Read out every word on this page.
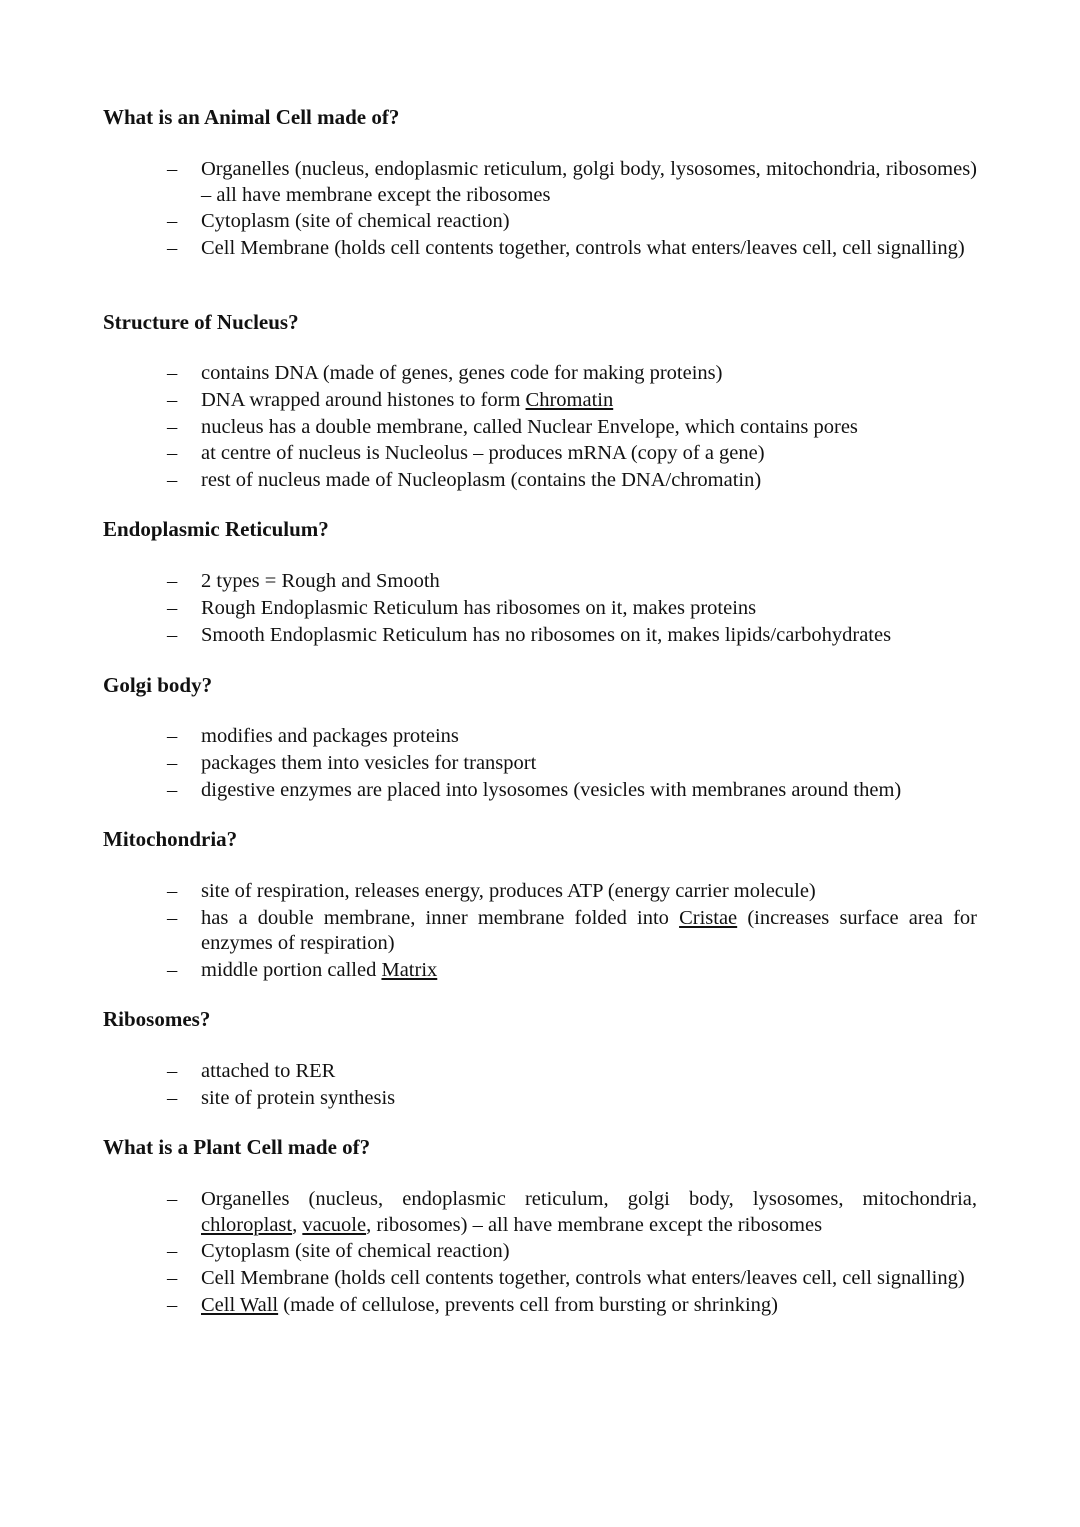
What is an Animal Cell made of?
– Organelles (nucleus, endoplasmic reticulum, golgi body, lysosomes, mitochondria, ribosomes) – all have membrane except the ribosomes
– Cytoplasm (site of chemical reaction)
– Cell Membrane (holds cell contents together, controls what enters/leaves cell, cell signalling)
Structure of Nucleus?
– contains DNA (made of genes, genes code for making proteins)
– DNA wrapped around histones to form Chromatin
– nucleus has a double membrane, called Nuclear Envelope, which contains pores
– at centre of nucleus is Nucleolus – produces mRNA (copy of a gene)
– rest of nucleus made of Nucleoplasm (contains the DNA/chromatin)
Endoplasmic Reticulum?
– 2 types = Rough and Smooth
– Rough Endoplasmic Reticulum has ribosomes on it, makes proteins
– Smooth Endoplasmic Reticulum has no ribosomes on it, makes lipids/carbohydrates
Golgi body?
– modifies and packages proteins
– packages them into vesicles for transport
– digestive enzymes are placed into lysosomes (vesicles with membranes around them)
Mitochondria?
– site of respiration, releases energy, produces ATP (energy carrier molecule)
– has a double membrane, inner membrane folded into Cristae (increases surface area for enzymes of respiration)
– middle portion called Matrix
Ribosomes?
– attached to RER
– site of protein synthesis
What is a Plant Cell made of?
– Organelles (nucleus, endoplasmic reticulum, golgi body, lysosomes, mitochondria, chloroplast, vacuole, ribosomes) – all have membrane except the ribosomes
– Cytoplasm (site of chemical reaction)
– Cell Membrane (holds cell contents together, controls what enters/leaves cell, cell signalling)
– Cell Wall (made of cellulose, prevents cell from bursting or shrinking)
